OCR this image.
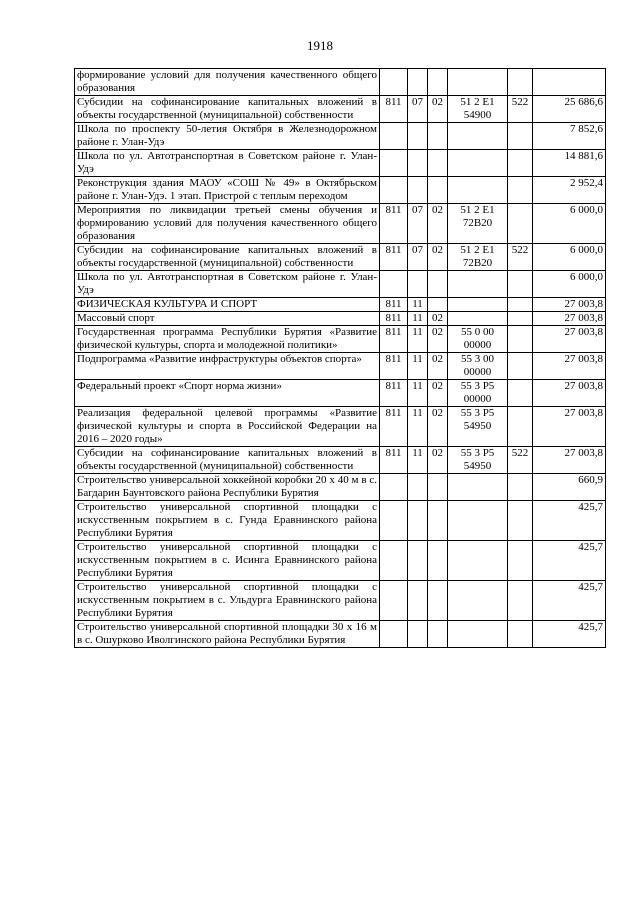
1918
формирование условий для получения качественного общего образования						
Субсидии на софинансирование капитальных вложений в объекты государственной (муниципальной) собственности	811	07	02	51 2 E1 54900	522	25 686,6
Школа по проспекту 50-летия Октября в Железнодорожном районе г. Улан-Удэ						7 852,6
Школа по ул. Автотранспортная в Советском районе г. Улан-Удэ						14 881,6
Реконструкция здания МАОУ «СОШ № 49» в Октябрьском районе г. Улан-Удэ. 1 этап. Пристрой с теплым переходом						2 952,4
Мероприятия по ликвидации третьей смены обучения и формированию условий для получения качественного общего образования	811	07	02	51 2 E1 72B20		6 000,0
Субсидии на софинансирование капитальных вложений в объекты государственной (муниципальной) собственности	811	07	02	51 2 E1 72B20	522	6 000,0
Школа по ул. Автотранспортная в Советском районе г. Улан-Удэ						6 000,0
ФИЗИЧЕСКАЯ КУЛЬТУРА И СПОРТ	811	11				27 003,8
Массовый спорт	811	11	02			27 003,8
Государственная программа Республики Бурятия «Развитие физической культуры, спорта и молодежной политики»	811	11	02	55 0 00 00000		27 003,8
Подпрограмма «Развитие инфраструктуры объектов спорта»	811	11	02	55 3 00 00000		27 003,8
Федеральный проект «Спорт норма жизни»	811	11	02	55 3 P5 00000		27 003,8
Реализация федеральной целевой программы «Развитие физической культуры и спорта в Российской Федерации на 2016 – 2020 годы»	811	11	02	55 3 P5 54950		27 003,8
Субсидии на софинансирование капитальных вложений в объекты государственной (муниципальной) собственности	811	11	02	55 3 P5 54950	522	27 003,8
Строительство универсальной хоккейной коробки 20 х 40 м в с. Багдарин Баунтовского района Республики Бурятия						660,9
Строительство универсальной спортивной площадки с искусственным покрытием в с. Гунда Еравнинского района Республики Бурятия						425,7
Строительство универсальной спортивной площадки с искусственным покрытием в с. Исинга Еравнинского района Республики Бурятия						425,7
Строительство универсальной спортивной площадки с искусственным покрытием в с. Ульдурга Еравнинского района Республики Бурятия						425,7
Строительство универсальной спортивной площадки 30 х 16 м в с. Ошурково Иволгинского района Республики Бурятия						425,7
